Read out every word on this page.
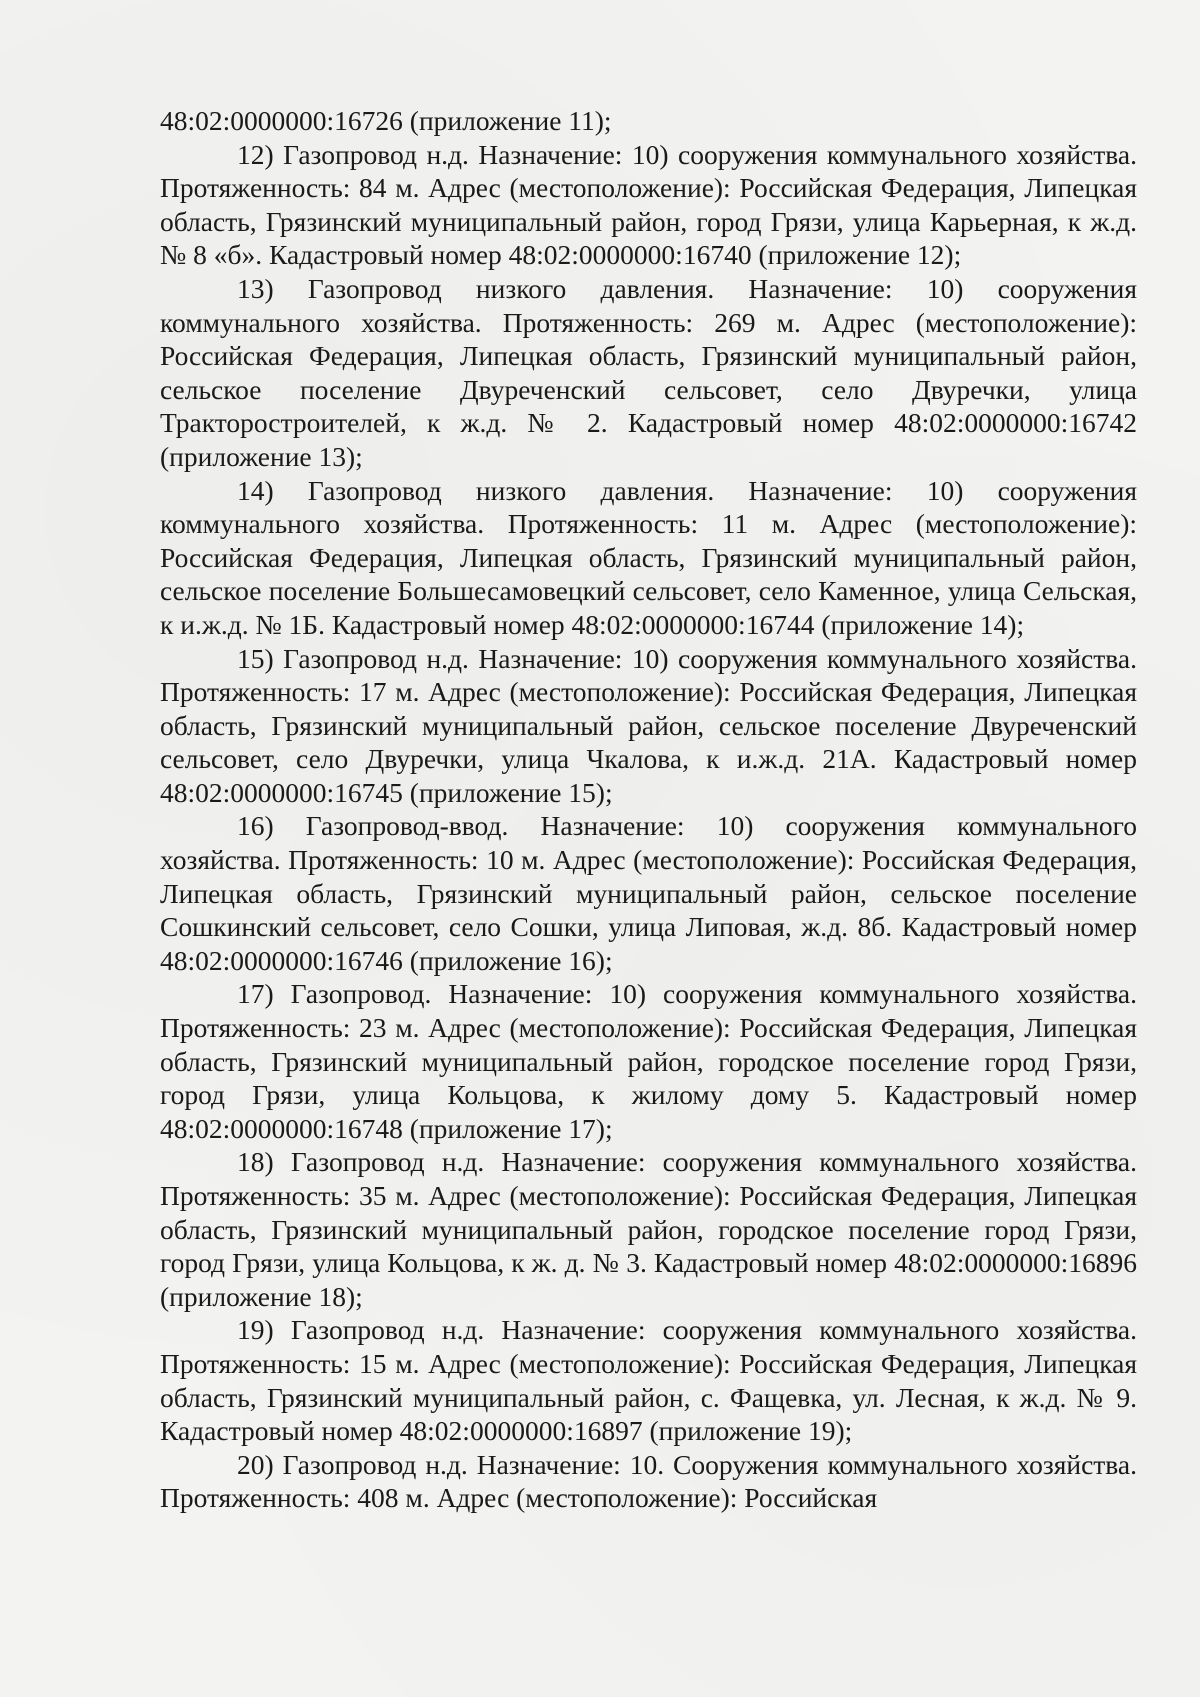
48:02:0000000:16726 (приложение 11);

12) Газопровод н.д. Назначение: 10) сооружения коммунального хозяйства. Протяженность: 84 м. Адрес (местоположение): Российская Федерация, Липецкая область, Грязинский муниципальный район, город Грязи, улица Карьерная, к ж.д. № 8 «б». Кадастровый номер 48:02:0000000:16740 (приложение 12);

13) Газопровод низкого давления. Назначение: 10) сооружения коммунального хозяйства. Протяженность: 269 м. Адрес (местоположение): Российская Федерация, Липецкая область, Грязинский муниципальный район, сельское поселение Двуреченский сельсовет, село Двуречки, улица Тракторостроителей, к ж.д. № 2. Кадастровый номер 48:02:0000000:16742 (приложение 13);

14) Газопровод низкого давления. Назначение: 10) сооружения коммунального хозяйства. Протяженность: 11 м. Адрес (местоположение): Российская Федерация, Липецкая область, Грязинский муниципальный район, сельское поселение Большесамовецкий сельсовет, село Каменное, улица Сельская, к и.ж.д. № 1Б. Кадастровый номер 48:02:0000000:16744 (приложение 14);

15) Газопровод н.д. Назначение: 10) сооружения коммунального хозяйства. Протяженность: 17 м. Адрес (местоположение): Российская Федерация, Липецкая область, Грязинский муниципальный район, сельское поселение Двуреченский сельсовет, село Двуречки, улица Чкалова, к и.ж.д. 21А. Кадастровый номер 48:02:0000000:16745 (приложение 15);

16) Газопровод-ввод. Назначение: 10) сооружения коммунального хозяйства. Протяженность: 10 м. Адрес (местоположение): Российская Федерация, Липецкая область, Грязинский муниципальный район, сельское поселение Сошкинский сельсовет, село Сошки, улица Липовая, ж.д. 8б. Кадастровый номер 48:02:0000000:16746 (приложение 16);

17) Газопровод. Назначение: 10) сооружения коммунального хозяйства. Протяженность: 23 м. Адрес (местоположение): Российская Федерация, Липецкая область, Грязинский муниципальный район, городское поселение город Грязи, город Грязи, улица Кольцова, к жилому дому 5. Кадастровый номер 48:02:0000000:16748 (приложение 17);

18) Газопровод н.д. Назначение: сооружения коммунального хозяйства. Протяженность: 35 м. Адрес (местоположение): Российская Федерация, Липецкая область, Грязинский муниципальный район, городское поселение город Грязи, город Грязи, улица Кольцова, к ж. д. № 3. Кадастровый номер 48:02:0000000:16896 (приложение 18);

19) Газопровод н.д. Назначение: сооружения коммунального хозяйства. Протяженность: 15 м. Адрес (местоположение): Российская Федерация, Липецкая область, Грязинский муниципальный район, с. Фащевка, ул. Лесная, к ж.д. № 9. Кадастровый номер 48:02:0000000:16897 (приложение 19);

20) Газопровод н.д. Назначение: 10. Сооружения коммунального хозяйства. Протяженность: 408 м. Адрес (местоположение): Российская
